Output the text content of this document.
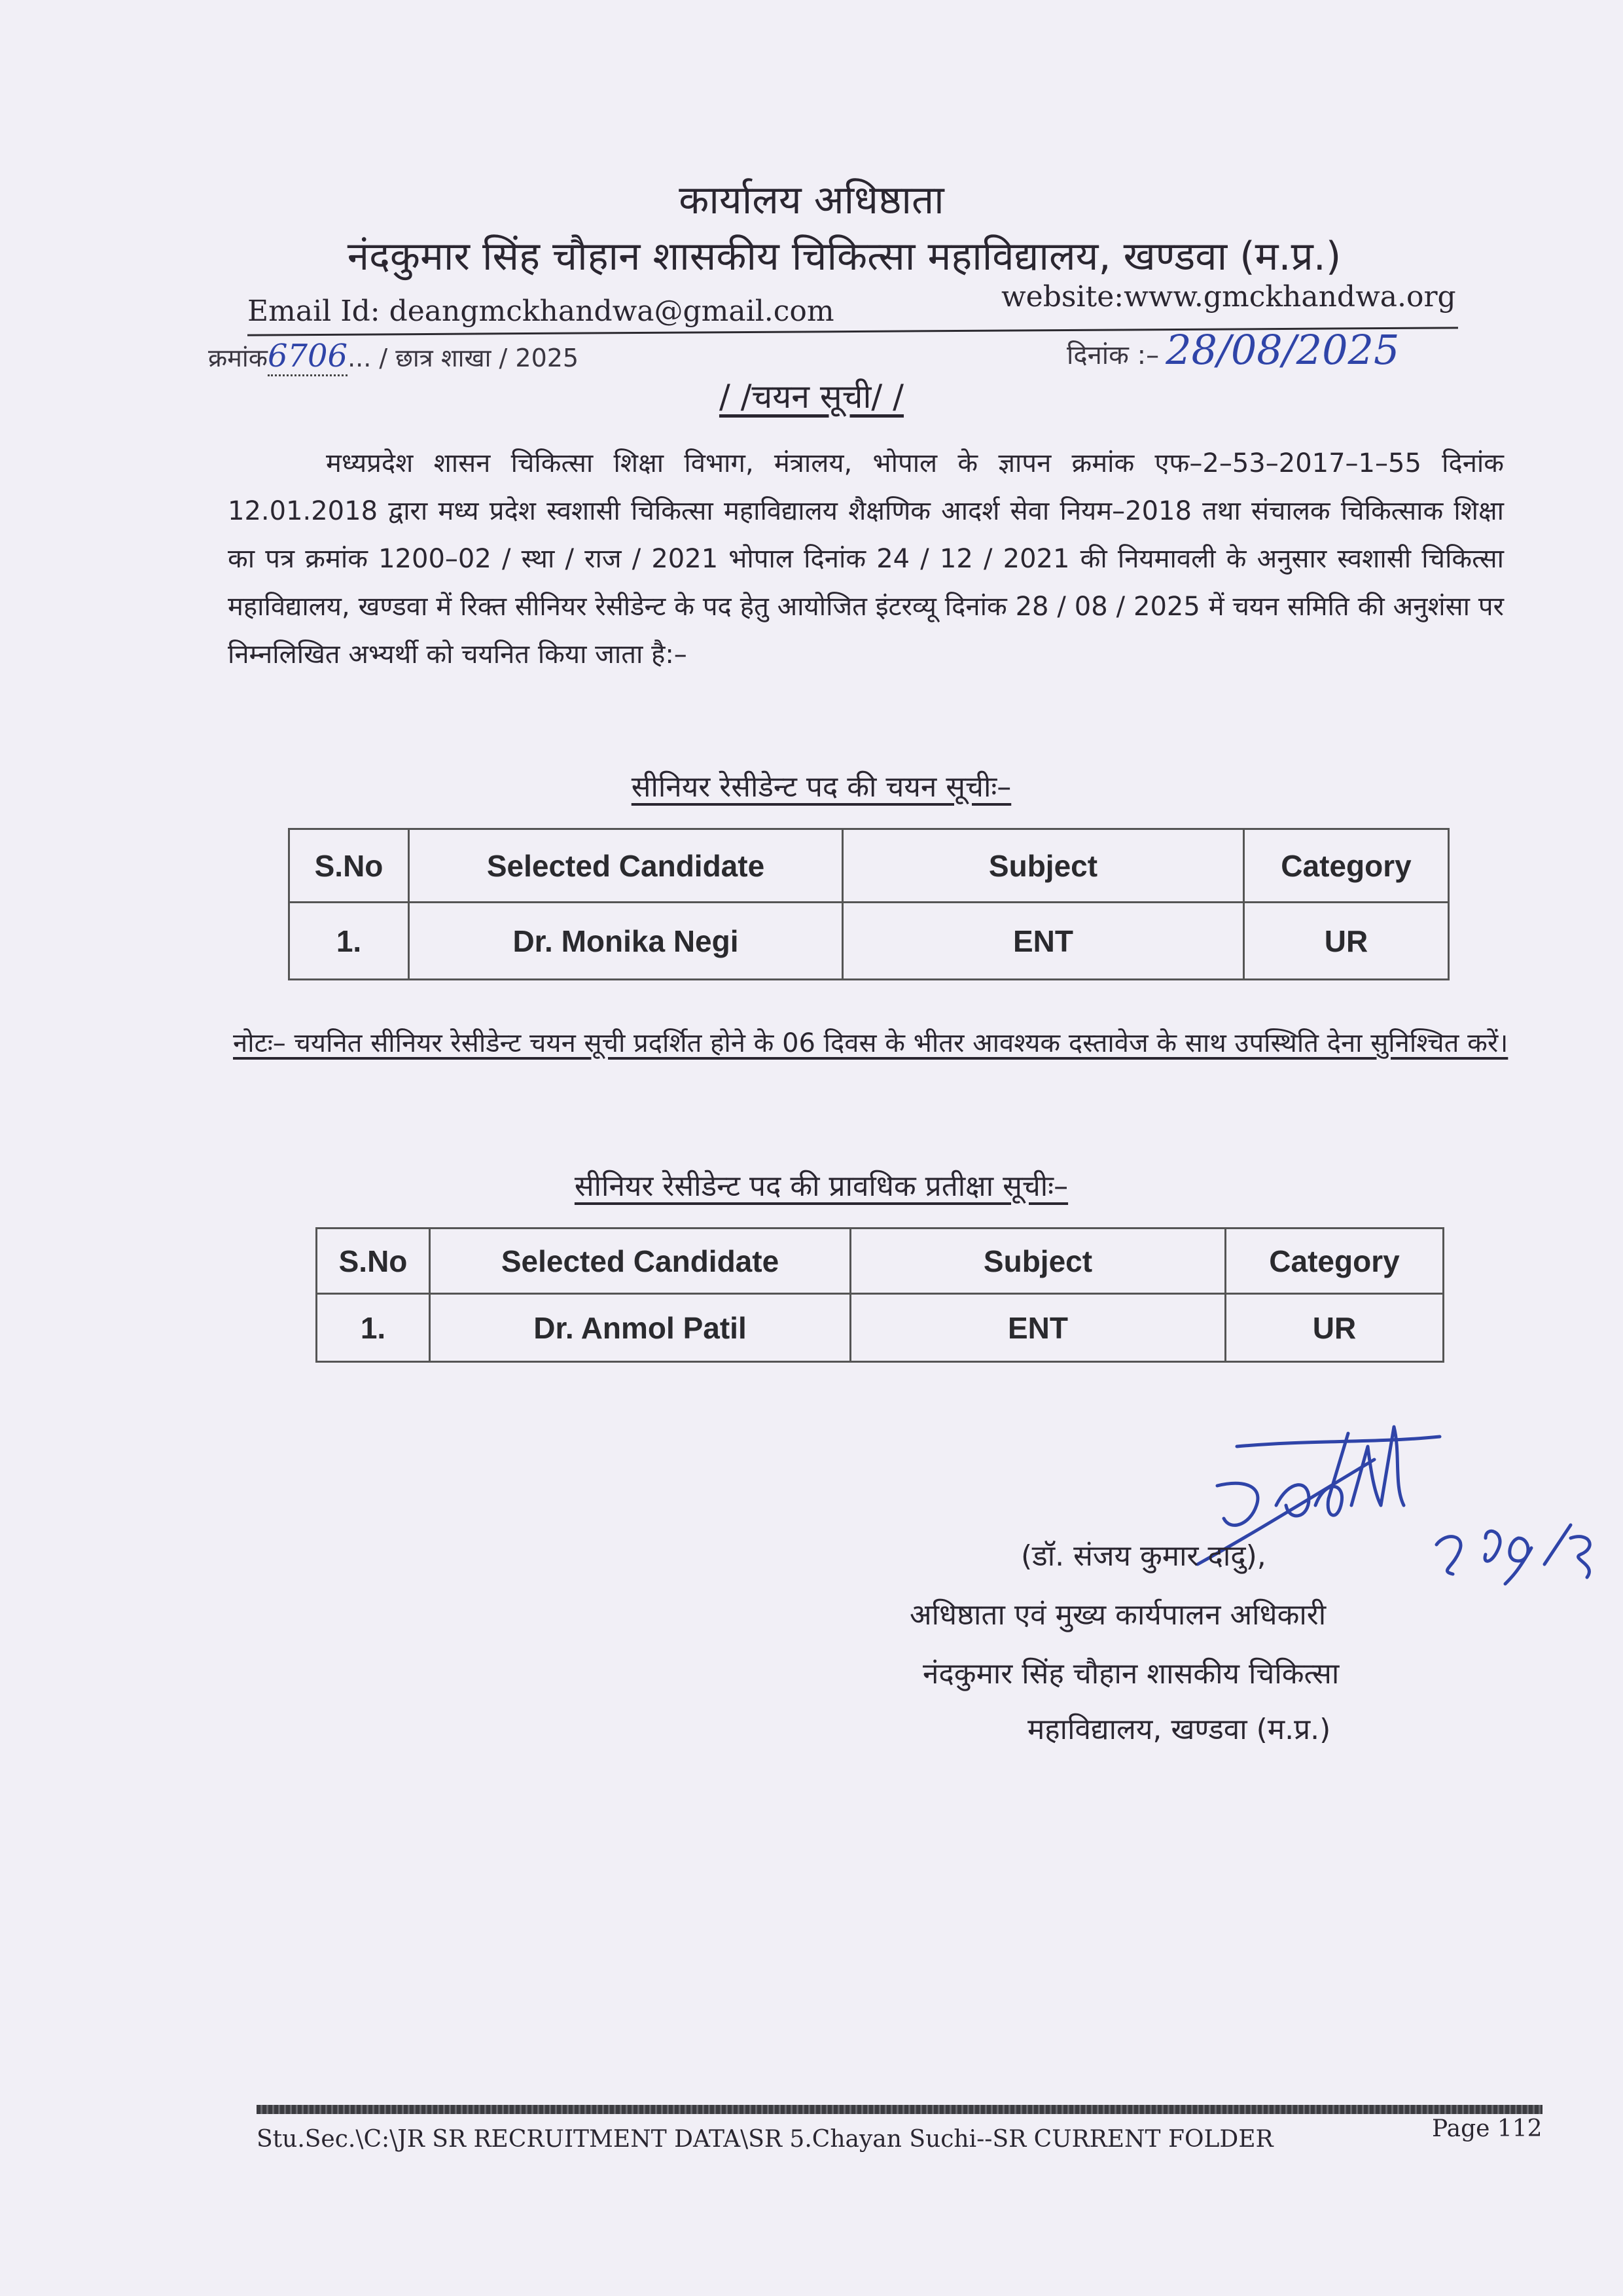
कार्यालय अधिष्ठाता
नंदकुमार सिंह चौहान शासकीय चिकित्सा महाविद्यालय, खण्डवा (म.प्र.)
Email Id: deangmckhandwa@gmail.com	website:www.gmckhandwa.org
क्रमांक6706... / छात्र शाखा / 2025	दिनांक :– 28/08/2025
/ /चयन सूची/ /

मध्यप्रदेश शासन चिकित्सा शिक्षा विभाग, मंत्रालय, भोपाल के ज्ञापन क्रमांक एफ–2–53–2017–1–55 दिनांक 12.01.2018 द्वारा मध्य प्रदेश स्वशासी चिकित्सा महाविद्यालय शैक्षणिक आदर्श सेवा नियम–2018 तथा संचालक चिकित्साक शिक्षा का पत्र क्रमांक 1200–02 / स्था / राज / 2021 भोपाल दिनांक 24 / 12 / 2021 की नियमावली के अनुसार स्वशासी चिकित्सा महाविद्यालय, खण्डवा में रिक्त सीनियर रेसीडेन्ट के पद हेतु आयोजित इंटरव्यू दिनांक 28 / 08 / 2025 में चयन समिति की अनुशंसा पर निम्नलिखित अभ्यर्थी को चयनित किया जाता है:–

सीनियर रेसीडेन्ट पद की चयन सूचीः–
S.No	Selected Candidate	Subject	Category
1.	Dr. Monika Negi	ENT	UR

नोटः– चयनित सीनियर रेसीडेन्ट चयन सूची प्रदर्शित होने के 06 दिवस के भीतर आवश्यक दस्तावेज के साथ उपस्थिति देना सुनिश्चित करें।

सीनियर रेसीडेन्ट पद की प्रावधिक प्रतीक्षा सूचीः–
S.No	Selected Candidate	Subject	Category
1.	Dr. Anmol Patil	ENT	UR
(डॉ. संजय कुमार दादु),
अधिष्ठाता एवं मुख्य कार्यपालन अधिकारी
नंदकुमार सिंह चौहान शासकीय चिकित्सा
महाविद्यालय, खण्डवा (म.प्र.)
Stu.Sec.\C:\JR SR RECRUITMENT DATA\SR 5.Chayan Suchi--SR CURRENT FOLDER	Page 112
